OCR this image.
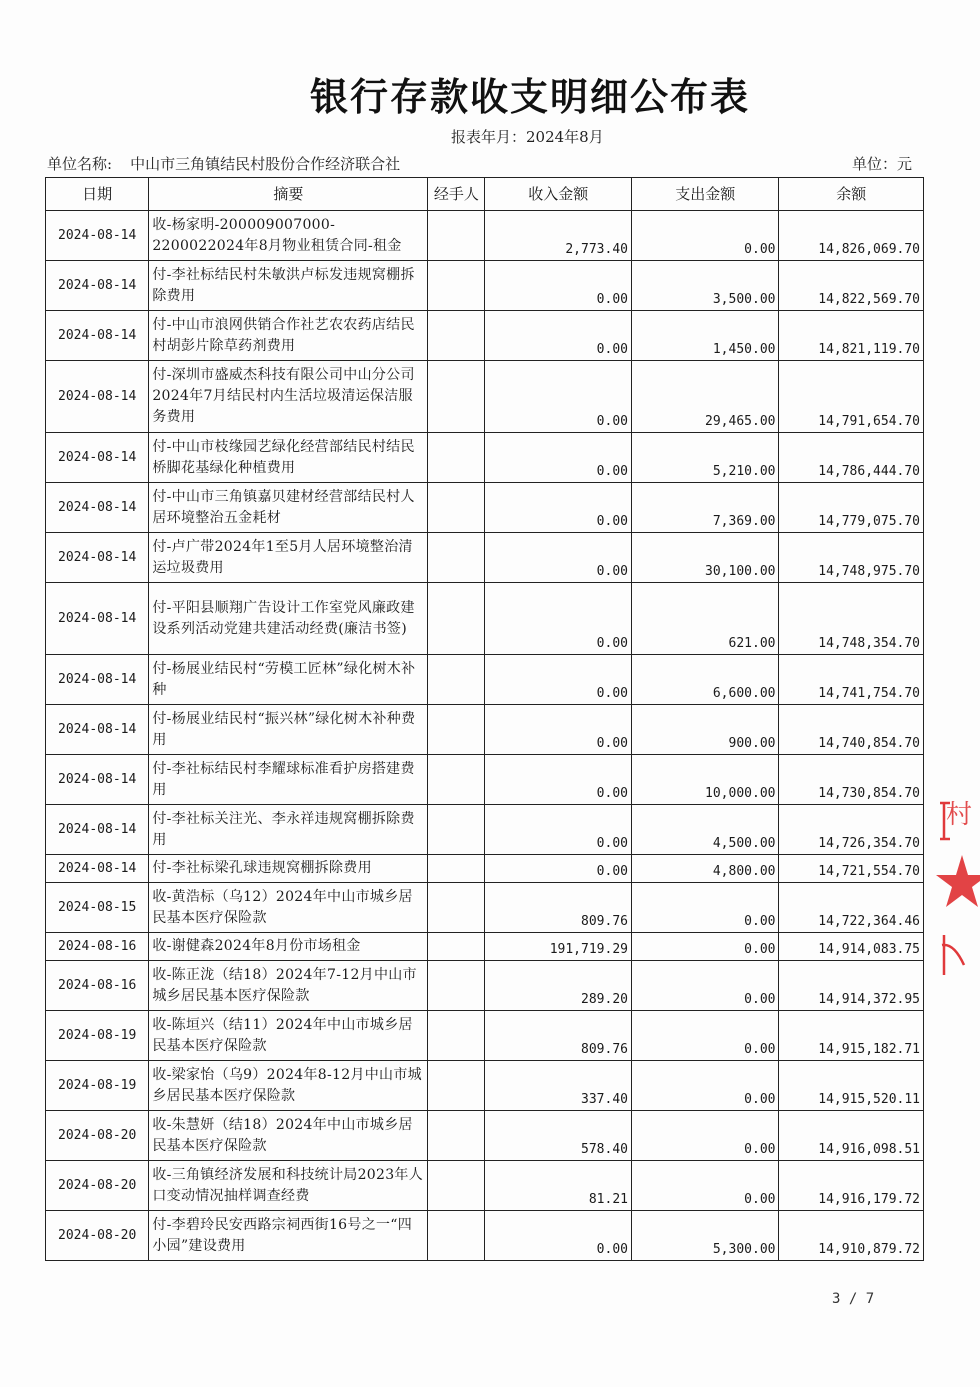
银行存款收支明细公布表
报表年月：2024年8月
单位名称: 中山市三角镇结民村股份合作经济联合社	单位：元
日期	摘要	经手人	收入金额	支出金额	余额
2024-08-14	收-杨家明-200009007000-2200022024年8月物业租赁合同-租金		2,773.40	0.00	14,826,069.70
2024-08-14	付-李社标结民村朱敏洪卢标发违规窝棚拆除费用		0.00	3,500.00	14,822,569.70
2024-08-14	付-中山市浪网供销合作社艺农农药店结民村胡彭片除草药剂费用		0.00	1,450.00	14,821,119.70
2024-08-14	付-深圳市盛威杰科技有限公司中山分公司2024年7月结民村内生活垃圾清运保洁服务费用		0.00	29,465.00	14,791,654.70
2024-08-14	付-中山市枝缘园艺绿化经营部结民村结民桥脚花基绿化种植费用		0.00	5,210.00	14,786,444.70
2024-08-14	付-中山市三角镇嘉贝建材经营部结民村人居环境整治五金耗材		0.00	7,369.00	14,779,075.70
2024-08-14	付-卢广带2024年1至5月人居环境整治清运垃圾费用		0.00	30,100.00	14,748,975.70
2024-08-14	付-平阳县顺翔广告设计工作室党风廉政建设系列活动党建共建活动经费(廉洁书签)		0.00	621.00	14,748,354.70
2024-08-14	付-杨展业结民村“劳模工匠林”绿化树木补种		0.00	6,600.00	14,741,754.70
2024-08-14	付-杨展业结民村“振兴林”绿化树木补种费用		0.00	900.00	14,740,854.70
2024-08-14	付-李社标结民村李耀球标准看护房搭建费用		0.00	10,000.00	14,730,854.70
2024-08-14	付-李社标关注光、李永祥违规窝棚拆除费用		0.00	4,500.00	14,726,354.70
2024-08-14	付-李社标梁孔球违规窝棚拆除费用		0.00	4,800.00	14,721,554.70
2024-08-15	收-黄浩标（乌12）2024年中山市城乡居民基本医疗保险款		809.76	0.00	14,722,364.46
2024-08-16	收-谢健森2024年8月份市场租金		191,719.29	0.00	14,914,083.75
2024-08-16	收-陈正泷（结18）2024年7-12月中山市城乡居民基本医疗保险款		289.20	0.00	14,914,372.95
2024-08-19	收-陈垣兴（结11）2024年中山市城乡居民基本医疗保险款		809.76	0.00	14,915,182.71
2024-08-19	收-梁家怡（乌9）2024年8-12月中山市城乡居民基本医疗保险款		337.40	0.00	14,915,520.11
2024-08-20	收-朱慧妍（结18）2024年中山市城乡居民基本医疗保险款		578.40	0.00	14,916,098.51
2024-08-20	收-三角镇经济发展和科技统计局2023年人口变动情况抽样调查经费		81.21	0.00	14,916,179.72
2024-08-20	付-李碧玲民安西路宗祠西街16号之一“四小园”建设费用		0.00	5,300.00	14,910,879.72
村
3 / 7
